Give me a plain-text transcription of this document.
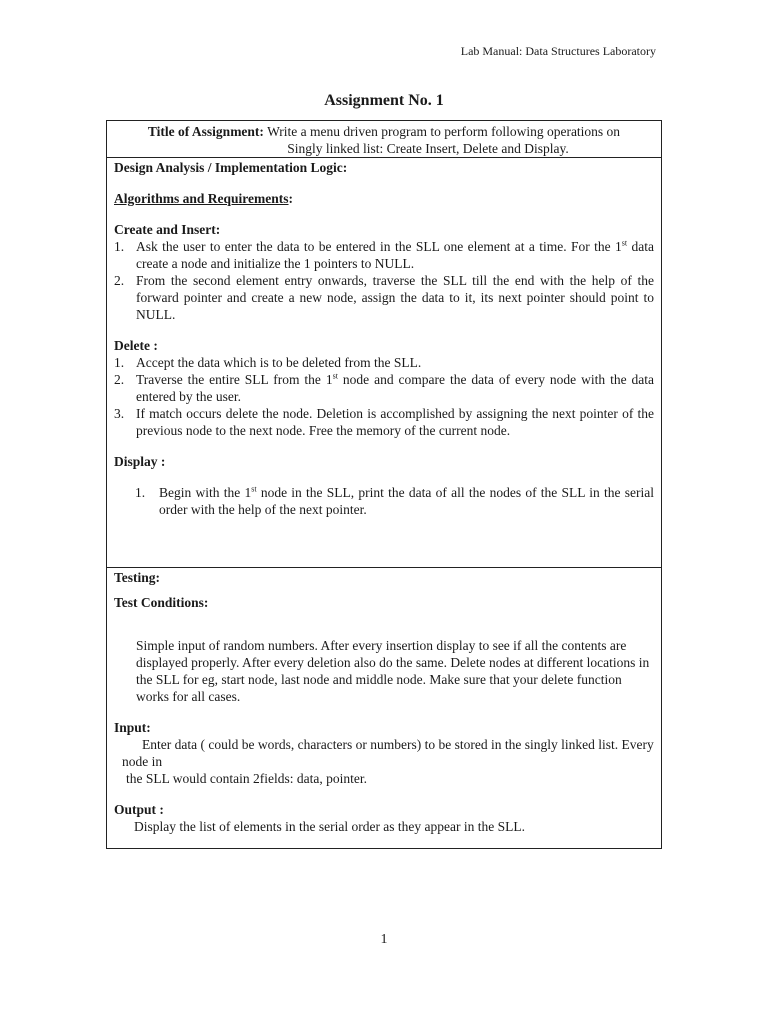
Lab Manual: Data Structures Laboratory
Assignment No. 1
Title of Assignment: Write a menu driven program to perform following operations on
Singly linked list: Create Insert, Delete and Display.

Design Analysis / Implementation Logic:

Algorithms and Requirements:

Create and Insert:

1. Ask the user to enter the data to be entered in the SLL one element at a time. For the 1st data create a node and initialize the 1 pointers to NULL.
2. From the second element entry onwards, traverse the SLL till the end with the help of the forward pointer and create a new node, assign the data to it, its next pointer should point to NULL.

Delete :

1. Accept the data which is to be deleted from the SLL.
2. Traverse the entire SLL from the 1st node and compare the data of every node with the data entered by the user.
3. If match occurs delete the node. Deletion is accomplished by assigning the next pointer of the previous node to the next node. Free the memory of the current node.

Display :

1. Begin with the 1st node in the SLL, print the data of all the nodes of the SLL in the serial order with the help of the next pointer.

Testing:

Test Conditions:

Simple input of random numbers. After every insertion display to see if all the contents are displayed properly. After every deletion also do the same. Delete nodes at different locations in the SLL for eg, start node, last node and middle node. Make sure that your delete function works for all cases.

Input:

Enter data ( could be words, characters or numbers) to be stored in the singly linked list. Every node in

the SLL would contain 2fields: data, pointer.

Output :

Display the list of elements in the serial order as they appear in the SLL.

1
